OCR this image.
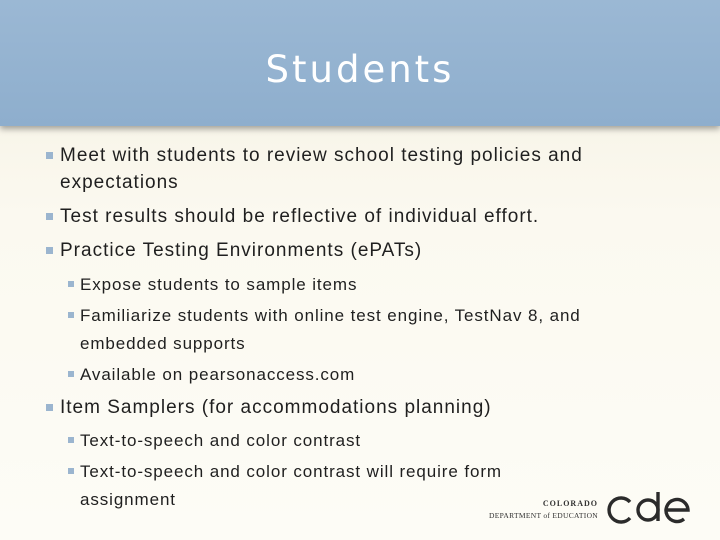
Students
Meet with students to review school testing policies and
expectations
Test results should be reflective of individual effort.
Practice Testing Environments (ePATs)
Expose students to sample items
Familiarize students with online test engine, TestNav 8, and
embedded supports
Available on pearsonaccess.com
Item Samplers (for accommodations planning)
Text-to-speech and color contrast
Text-to-speech and color contrast will require form
assignment	COLORADO
DEPARTMENT of EDUCATION
